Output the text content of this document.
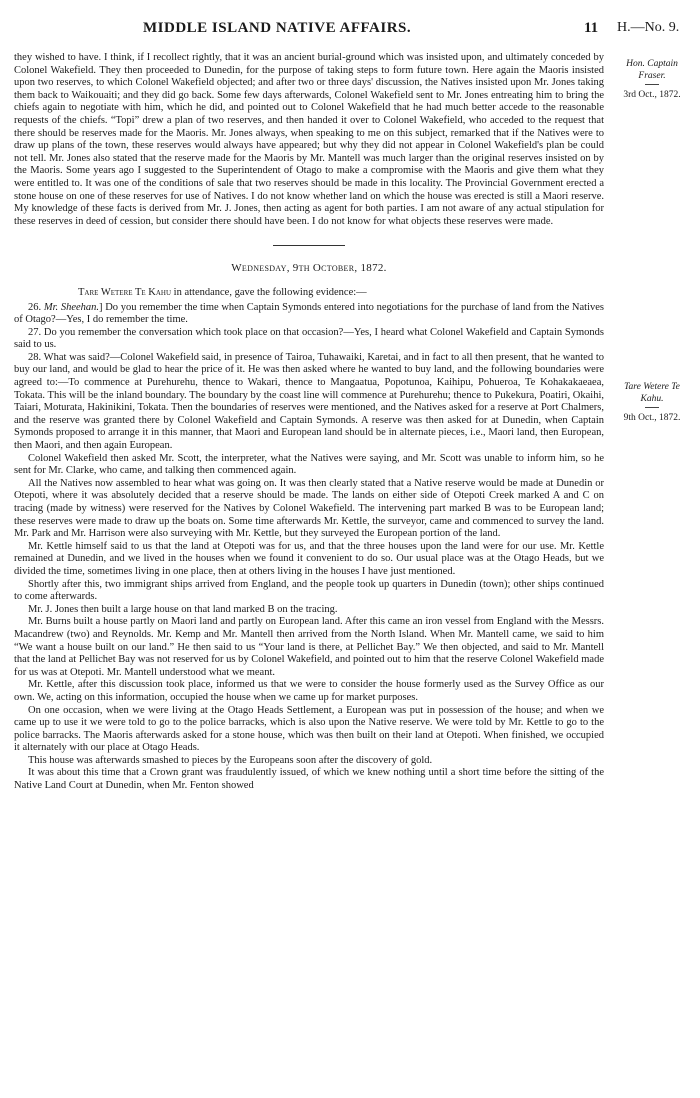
MIDDLE ISLAND NATIVE AFFAIRS.	11 H.—No. 9.
Hon. Captain Fraser.
3rd Oct., 1872.
Tare Wetere Te Kahu.
9th Oct., 1872.

they wished to have. I think, if I recollect rightly, that it was an ancient burial-ground which was insisted upon, and ultimately conceded by Colonel Wakefield. They then proceeded to Dunedin, for the purpose of taking steps to form future town. Here again the Maoris insisted upon two reserves, to which Colonel Wakefield objected; and after two or three days' discussion, the Natives insisted upon Mr. Jones taking them back to Waikouaiti; and they did go back. Some few days afterwards, Colonel Wakefield sent to Mr. Jones entreating him to bring the chiefs again to negotiate with him, which he did, and pointed out to Colonel Wakefield that he had much better accede to the reasonable requests of the chiefs. “Topi” drew a plan of two reserves, and then handed it over to Colonel Wakefield, who acceded to the request that there should be reserves made for the Maoris. Mr. Jones always, when speaking to me on this subject, remarked that if the Natives were to draw up plans of the town, these reserves would always have appeared; but why they did not appear in Colonel Wakefield's plan be could not tell. Mr. Jones also stated that the reserve made for the Maoris by Mr. Mantell was much larger than the original reserves insisted on by the Maoris. Some years ago I suggested to the Superintendent of Otago to make a compromise with the Maoris and give them what they were entitled to. It was one of the conditions of sale that two reserves should be made in this locality. The Provincial Government erected a stone house on one of these reserves for use of Natives. I do not know whether land on which the house was erected is still a Maori reserve. My knowledge of these facts is derived from Mr. J. Jones, then acting as agent for both parties. I am not aware of any actual stipulation for these reserves in deed of cession, but consider there should have been. I do not know for what objects these reserves were made.

Wednesday, 9th October, 1872.

Tare Wetere Te Kahu in attendance, gave the following evidence:—

26. Mr. Sheehan.] Do you remember the time when Captain Symonds entered into negotiations for the purchase of land from the Natives of Otago?—Yes, I do remember the time.

27. Do you remember the conversation which took place on that occasion?—Yes, I heard what Colonel Wakefield and Captain Symonds said to us.

28. What was said?—Colonel Wakefield said, in presence of Tairoa, Tuhawaiki, Karetai, and in fact to all then present, that he wanted to buy our land, and would be glad to hear the price of it. He was then asked where he wanted to buy land, and the following boundaries were agreed to:—To commence at Purehurehu, thence to Wakari, thence to Mangaatua, Popotunoa, Kaihipu, Pohueroa, Te Kohakakaeaea, Tokata. This will be the inland boundary. The boundary by the coast line will commence at Purehurehu; thence to Pukekura, Poatiri, Okaihi, Taiari, Moturata, Hakinikini, Tokata. Then the boundaries of reserves were mentioned, and the Natives asked for a reserve at Port Chalmers, and the reserve was granted there by Colonel Wakefield and Captain Symonds. A reserve was then asked for at Dunedin, when Captain Symonds proposed to arrange it in this manner, that Maori and European land should be in alternate pieces, i.e., Maori land, then European, then Maori, and then again European.

Colonel Wakefield then asked Mr. Scott, the interpreter, what the Natives were saying, and Mr. Scott was unable to inform him, so he sent for Mr. Clarke, who came, and talking then commenced again.

All the Natives now assembled to hear what was going on. It was then clearly stated that a Native reserve would be made at Dunedin or Otepoti, where it was absolutely decided that a reserve should be made. The lands on either side of Otepoti Creek marked A and C on tracing (made by witness) were reserved for the Natives by Colonel Wakefield. The intervening part marked B was to be European land; these reserves were made to draw up the boats on. Some time afterwards Mr. Kettle, the surveyor, came and commenced to survey the land. Mr. Park and Mr. Harrison were also surveying with Mr. Kettle, but they surveyed the European portion of the land.

Mr. Kettle himself said to us that the land at Otepoti was for us, and that the three houses upon the land were for our use. Mr. Kettle remained at Dunedin, and we lived in the houses when we found it convenient to do so. Our usual place was at the Otago Heads, but we divided the time, sometimes living in one place, then at others living in the houses I have just mentioned.

Shortly after this, two immigrant ships arrived from England, and the people took up quarters in Dunedin (town); other ships continued to come afterwards.

Mr. J. Jones then built a large house on that land marked B on the tracing.

Mr. Burns built a house partly on Maori land and partly on European land. After this came an iron vessel from England with the Messrs. Macandrew (two) and Reynolds. Mr. Kemp and Mr. Mantell then arrived from the North Island. When Mr. Mantell came, we said to him “We want a house built on our land.” He then said to us “Your land is there, at Pellichet Bay.” We then objected, and said to Mr. Mantell that the land at Pellichet Bay was not reserved for us by Colonel Wakefield, and pointed out to him that the reserve Colonel Wakefield made for us was at Otepoti. Mr. Mantell understood what we meant.

Mr. Kettle, after this discussion took place, informed us that we were to consider the house formerly used as the Survey Office as our own. We, acting on this information, occupied the house when we came up for market purposes.

On one occasion, when we were living at the Otago Heads Settlement, a European was put in possession of the house; and when we came up to use it we were told to go to the police barracks, which is also upon the Native reserve. We were told by Mr. Kettle to go to the police barracks. The Maoris afterwards asked for a stone house, which was then built on their land at Otepoti. When finished, we occupied it alternately with our place at Otago Heads.

This house was afterwards smashed to pieces by the Europeans soon after the discovery of gold.

It was about this time that a Crown grant was fraudulently issued, of which we knew nothing until a short time before the sitting of the Native Land Court at Dunedin, when Mr. Fenton showed
